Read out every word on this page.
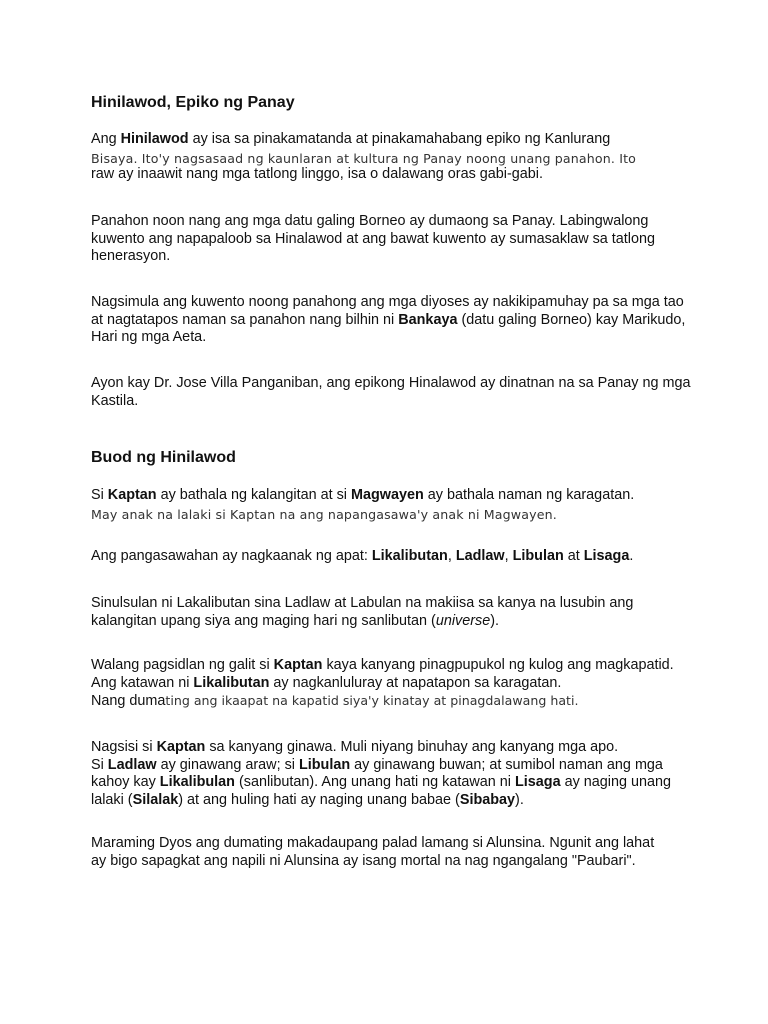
Hinilawod, Epiko ng Panay

Ang Hinilawod ay isa sa pinakamatanda at pinakamahabang epiko ng Kanlurang

Bisaya. Ito'y nagsasaad ng kaunlaran at kultura ng Panay noong unang panahon. Ito

raw ay inaawit nang mga tatlong linggo, isa o dalawang oras gabi-gabi.

Panahon noon nang ang mga datu galing Borneo ay dumaong sa Panay. Labingwalong kuwento ang napapaloob sa Hinalawod at ang bawat kuwento ay sumasaklaw sa tatlong henerasyon.

Nagsimula ang kuwento noong panahong ang mga diyoses ay nakikipamuhay pa sa mga tao at nagtatapos naman sa panahon nang bilhin ni Bankaya (datu galing Borneo) kay Marikudo, Hari ng mga Aeta.

Ayon kay Dr. Jose Villa Panganiban, ang epikong Hinalawod ay dinatnan na sa Panay ng mga Kastila.

Buod ng Hinilawod

Si Kaptan ay bathala ng kalangitan at si Magwayen ay bathala naman ng karagatan.

May anak na lalaki si Kaptan na ang napangasawa'y anak ni Magwayen.

Ang pangasawahan ay nagkaanak ng apat: Likalibutan, Ladlaw, Libulan at Lisaga.

Sinulsulan ni Lakalibutan sina Ladlaw at Labulan na makiisa sa kanya na lusubin ang kalangitan upang siya ang maging hari ng sanlibutan (universe).

Walang pagsidlan ng galit si Kaptan kaya kanyang pinagpupukol ng kulog ang magkapatid. Ang katawan ni Likalibutan ay nagkanluluray at napatapon sa karagatan.
Nang dumating ang ikaapat na kapatid siya'y kinatay at pinagdalawang hati.

Nagsisi si Kaptan sa kanyang ginawa. Muli niyang binuhay ang kanyang mga apo.
Si Ladlaw ay ginawang araw; si Libulan ay ginawang buwan; at sumibol naman ang mga kahoy kay Likalibulan (sanlibutan). Ang unang hati ng katawan ni Lisaga ay naging unang lalaki (Silalak) at ang huling hati ay naging unang babae (Sibabay).

Maraming Dyos ang dumating makadaupang palad lamang si Alunsina. Ngunit ang lahat ay bigo sapagkat ang napili ni Alunsina ay isang mortal na nag ngangalang "Paubari".
